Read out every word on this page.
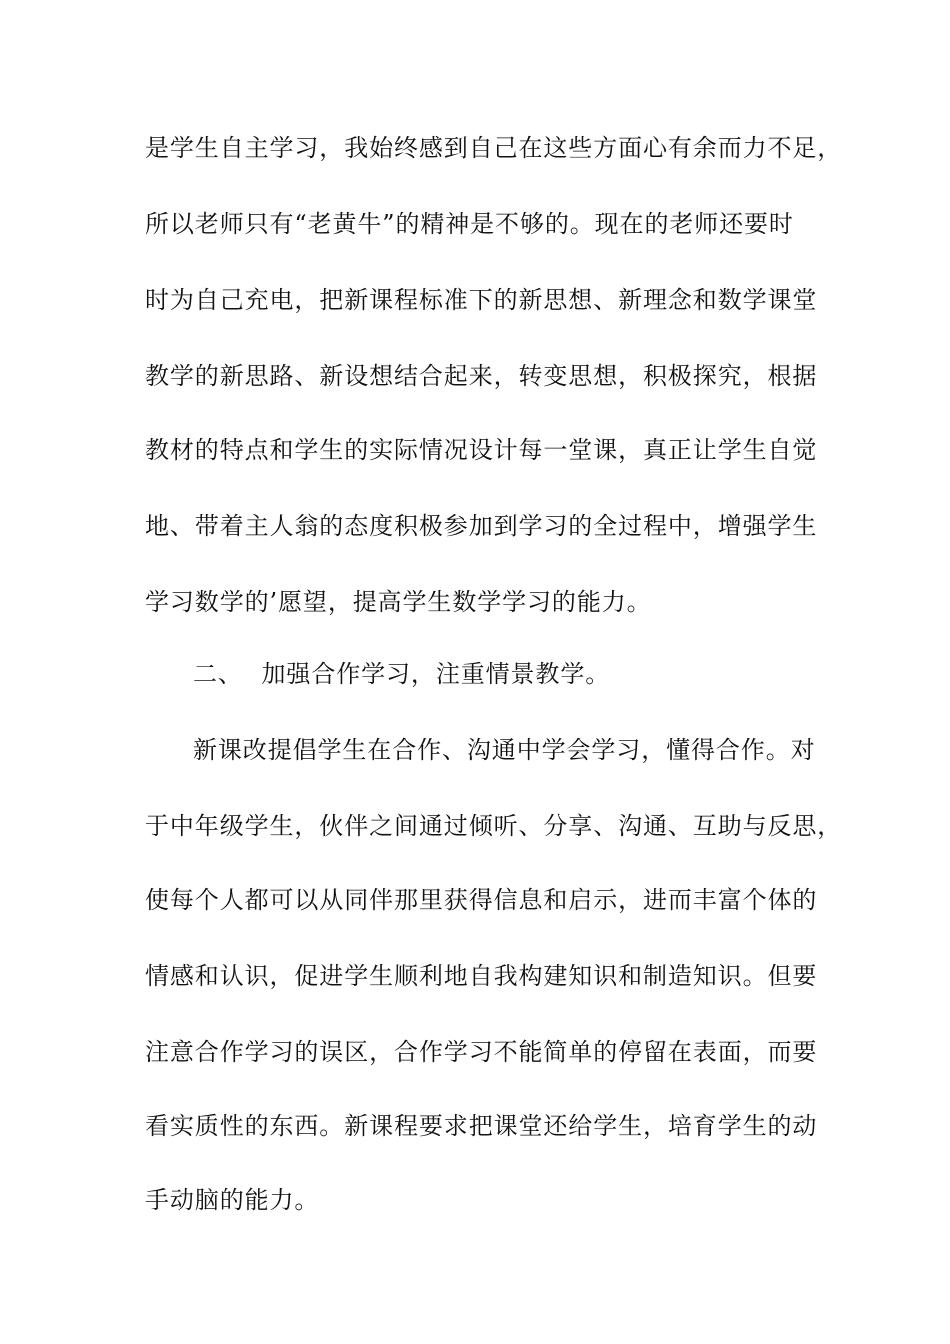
是学生自主学习，我始终感到自己在这些方面心有余而力不足，
所以老师只有“老黄牛”的精神是不够的。现在的老师还要时
时为自己充电，把新课程标准下的新思想、新理念和数学课堂
教学的新思路、新设想结合起来，转变思想，积极探究，根据
教材的特点和学生的实际情况设计每一堂课，真正让学生自觉
地、带着主人翁的态度积极参加到学习的全过程中，增强学生
学习数学的’愿望，提高学生数学学习的能力。
二、 加强合作学习，注重情景教学。
新课改提倡学生在合作、沟通中学会学习，懂得合作。对
于中年级学生，伙伴之间通过倾听、分享、沟通、互助与反思，
使每个人都可以从同伴那里获得信息和启示，进而丰富个体的
情感和认识，促进学生顺利地自我构建知识和制造知识。但要
注意合作学习的误区，合作学习不能简单的停留在表面，而要
看实质性的东西。新课程要求把课堂还给学生，培育学生的动
手动脑的能力。
